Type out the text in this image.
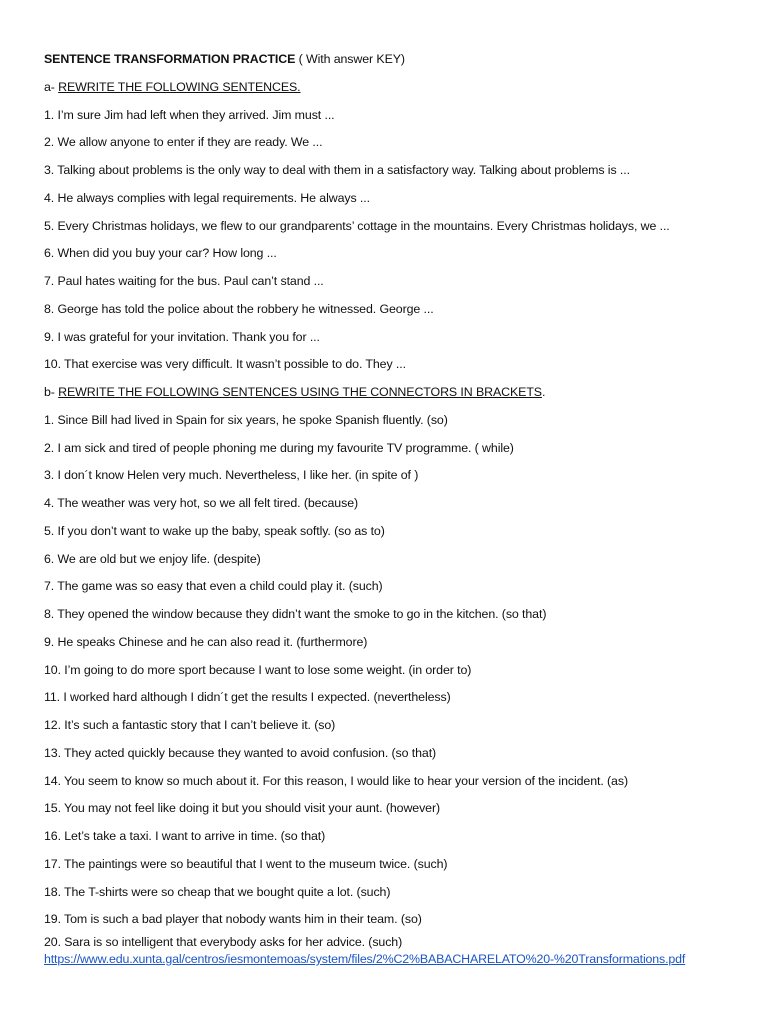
SENTENCE TRANSFORMATION PRACTICE ( With answer KEY)
a- REWRITE THE FOLLOWING SENTENCES.
1. I’m sure Jim had left when they arrived. Jim must ...
2. We allow anyone to enter if they are ready. We ...
3. Talking about problems is the only way to deal with them in a satisfactory way. Talking about problems is ...
4. He always complies with legal requirements. He always ...
5. Every Christmas holidays, we flew to our grandparents’ cottage in the mountains. Every Christmas holidays, we ...
6. When did you buy your car? How long ...
7. Paul hates waiting for the bus. Paul can’t stand ...
8. George has told the police about the robbery he witnessed. George ...
9. I was grateful for your invitation. Thank you for ...
10. That exercise was very difficult. It wasn’t possible to do. They ...
b- REWRITE THE FOLLOWING SENTENCES USING THE CONNECTORS IN BRACKETS.
1. Since Bill had lived in Spain for six years, he spoke Spanish fluently. (so)
2. I am sick and tired of people phoning me during my favourite TV programme. ( while)
3. I don´t know Helen very much. Nevertheless, I like her. (in spite of )
4. The weather was very hot, so we all felt tired. (because)
5. If you don’t want to wake up the baby, speak softly. (so as to)
6. We are old but we enjoy life. (despite)
7. The game was so easy that even a child could play it. (such)
8. They opened the window because they didn’t want the smoke to go in the kitchen. (so that)
9. He speaks Chinese and he can also read it. (furthermore)
10. I’m going to do more sport because I want to lose some weight. (in order to)
11. I worked hard although I didn´t get the results I expected. (nevertheless)
12. It’s such a fantastic story that I can’t believe it. (so)
13. They acted quickly because they wanted to avoid confusion. (so that)
14. You seem to know so much about it. For this reason, I would like to hear your version of the incident. (as)
15. You may not feel like doing it but you should visit your aunt. (however)
16. Let’s take a taxi. I want to arrive in time. (so that)
17. The paintings were so beautiful that I went to the museum twice. (such)
18. The T-shirts were so cheap that we bought quite a lot. (such)
19. Tom is such a bad player that nobody wants him in their team. (so)
20. Sara is so intelligent that everybody asks for her advice. (such)
https://www.edu.xunta.gal/centros/iesmontemoas/system/files/2%C2%BABACHARELATO%20-%20Transformations.pdf
